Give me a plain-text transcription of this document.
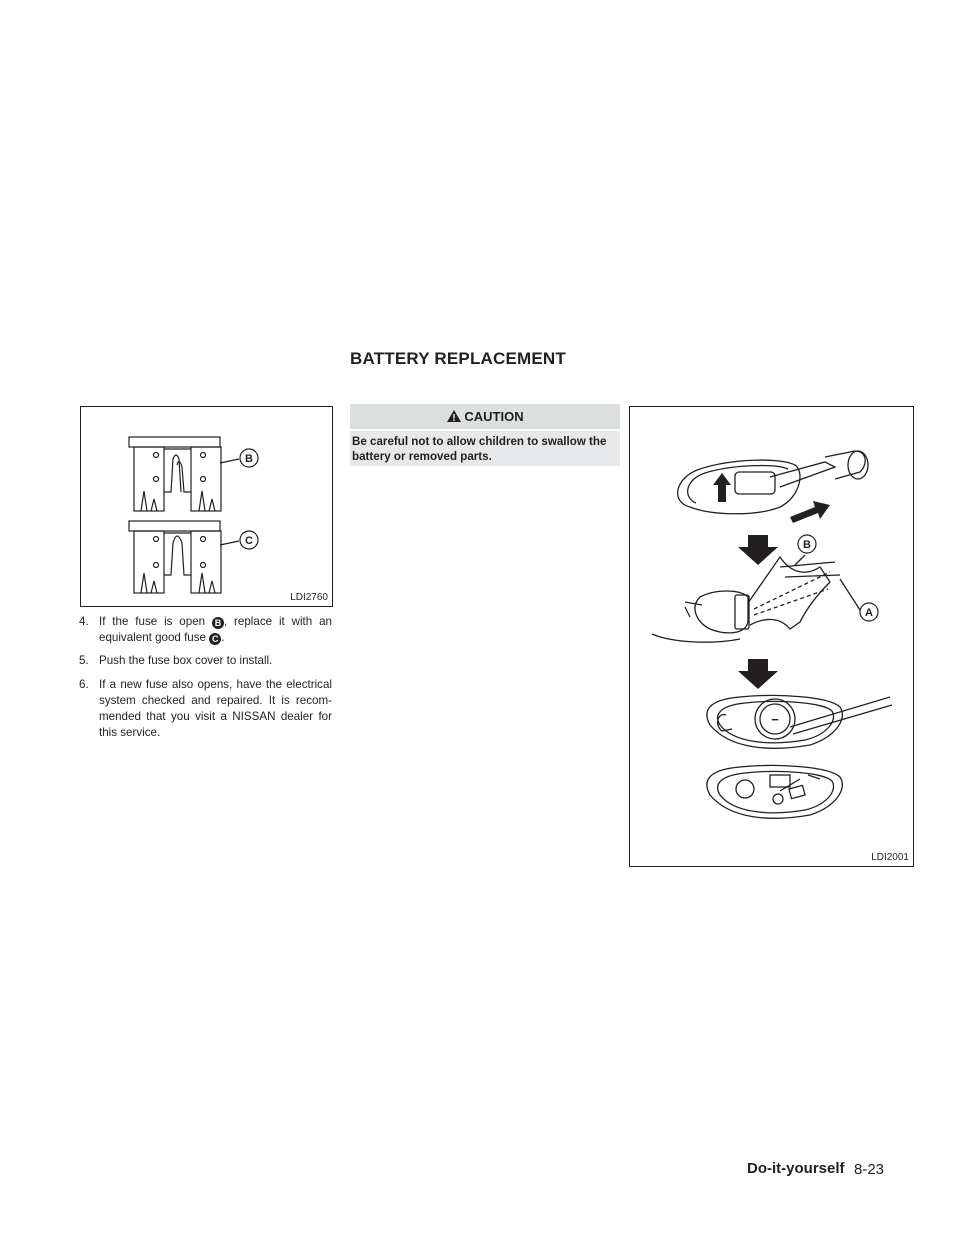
BATTERY REPLACEMENT
B
C
LDI2760
4. If the fuse is open B , replace it with an equivalent good fuse C .
5. Push the fuse box cover to install.
6. If a new fuse also opens, have the electrical system checked and repaired. It is recom-mended that you visit a NISSAN dealer for this service.
CAUTION
Be careful not to allow children to swallow the battery or removed parts.
B
A
−
LDI2001
Do-it-yourself 8-23
